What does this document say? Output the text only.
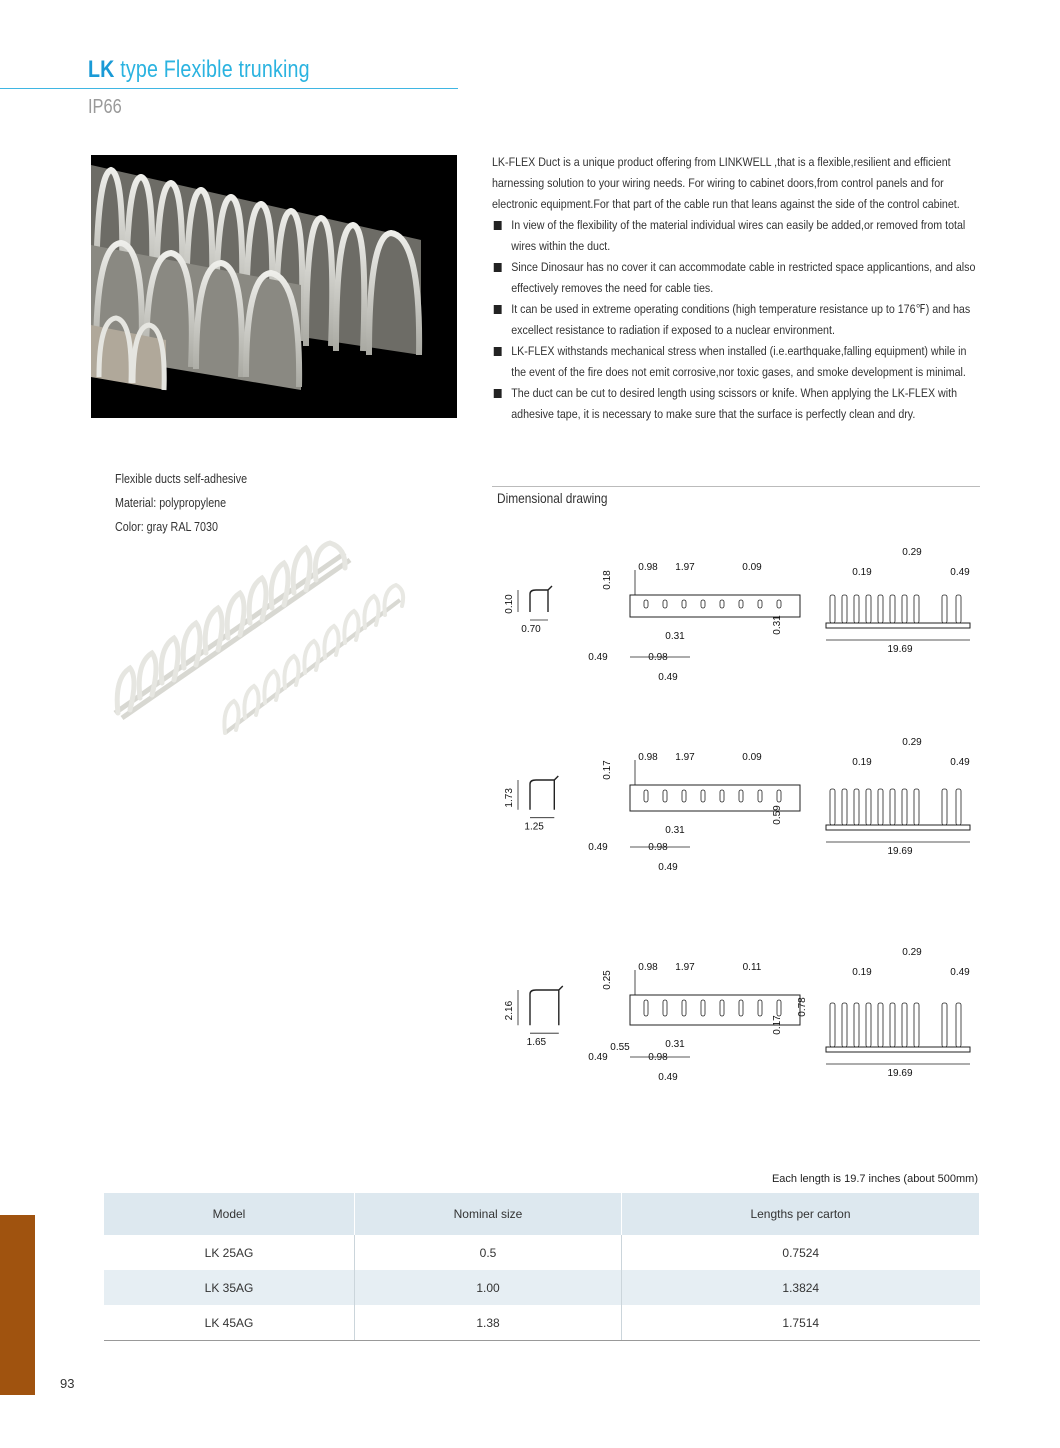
LK type Flexible trunking
IP66
Flexible ducts self-adhesive
Material: polypropylene
Color: gray RAL 7030

LK-FLEX Duct is a unique product offering from LINKWELL ,that is a flexible,resilient and efficient harnessing solution to your wiring needs. For wiring to cabinet doors,from control panels and for electronic equipment.For that part of the cable run that leans against the side of the control cabinet.

In view of the flexibility of the material individual wires can easily be added,or removed from total wires within the duct.
Since Dinosaur has no cover it can accommodate cable in restricted space applicantions, and also effectively removes the need for cable ties.
It can be used in extreme operating conditions (high temperature resistance up to 176℉) and has excellect resistance to radiation if exposed to a nuclear environment.
LK-FLEX withstands mechanical stress when installed (i.e.earthquake,falling equipment) while in the event of the fire does not emit corrosive,nor toxic gases, and smoke development is minimal.
The duct can be cut to desired length using scissors or knife. When applying the LK-FLEX with adhesive tape, it is necessary to make sure that the surface is perfectly clean and dry.
Dimensional drawing
0.10
0.70
0.18
0.98 1.97	0.09
0.31
0.31
0.49	0.98
0.49
0.29
0.19	0.49
19.69
1.73
1.25
0.17
0.98 1.97	0.09
0.31
0.59
0.49	0.98
0.49
0.29
0.19	0.49
19.69
2.16
1.65
0.25
0.98 1.97	0.11
0.31
0.17
0.78
0.55
0.49	0.98
0.49
0.29
0.19	0.49
19.69
Each length is 19.7 inches (about 500mm)
Model	Nominal size	Lengths per carton
LK 25AG	0.5	0.7524
LK 35AG	1.00	1.3824
LK 45AG	1.38	1.7514
93
